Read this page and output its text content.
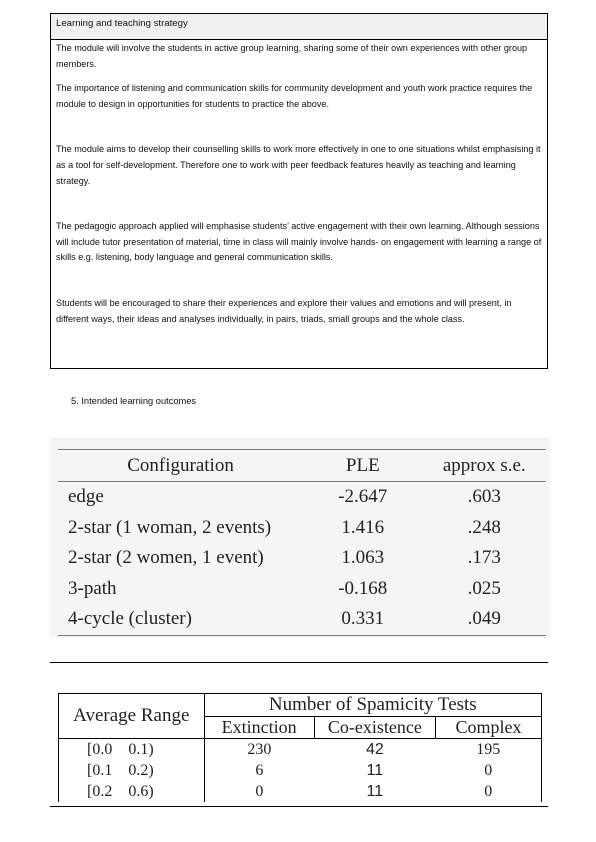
Learning and teaching strategy

The module will involve the students in active group learning, sharing some of their own experiences with other group members.

The importance of listening and communication skills for community development and youth work practice requires the module to design in opportunities for students to practice the above.

The module aims to develop their counselling skills to work more effectively in one to one situations whilst emphasising it as a tool for self-development. Therefore one to work with peer feedback features heavily as teaching and learning strategy.

The pedagogic approach applied will emphasise students’ active engagement with their own learning. Although sessions will include tutor presentation of material, time in class will mainly involve hands- on engagement with learning a range of skills e.g. listening, body language and general communication skills.

Students will be encouraged to share their experiences and explore their values and emotions and will present, in different ways, their ideas and analyses individually, in pairs, triads, small groups and the whole class.

5. Intended learning outcomes
Configuration	PLE	approx s.e.
edge	-2.647	.603
2-star (1 woman, 2 events)	1.416	.248
2-star (2 women, 1 event)	1.063	.173
3-path	-0.168	.025
4-cycle (cluster)	0.331	.049
Average Range	Number of Spamicity Tests		
	Extinction	Co-existence	Complex
[0.0 0.1)	230	42	195
[0.1 0.2)	6	11	0
[0.2 0.6)	0	11	0
